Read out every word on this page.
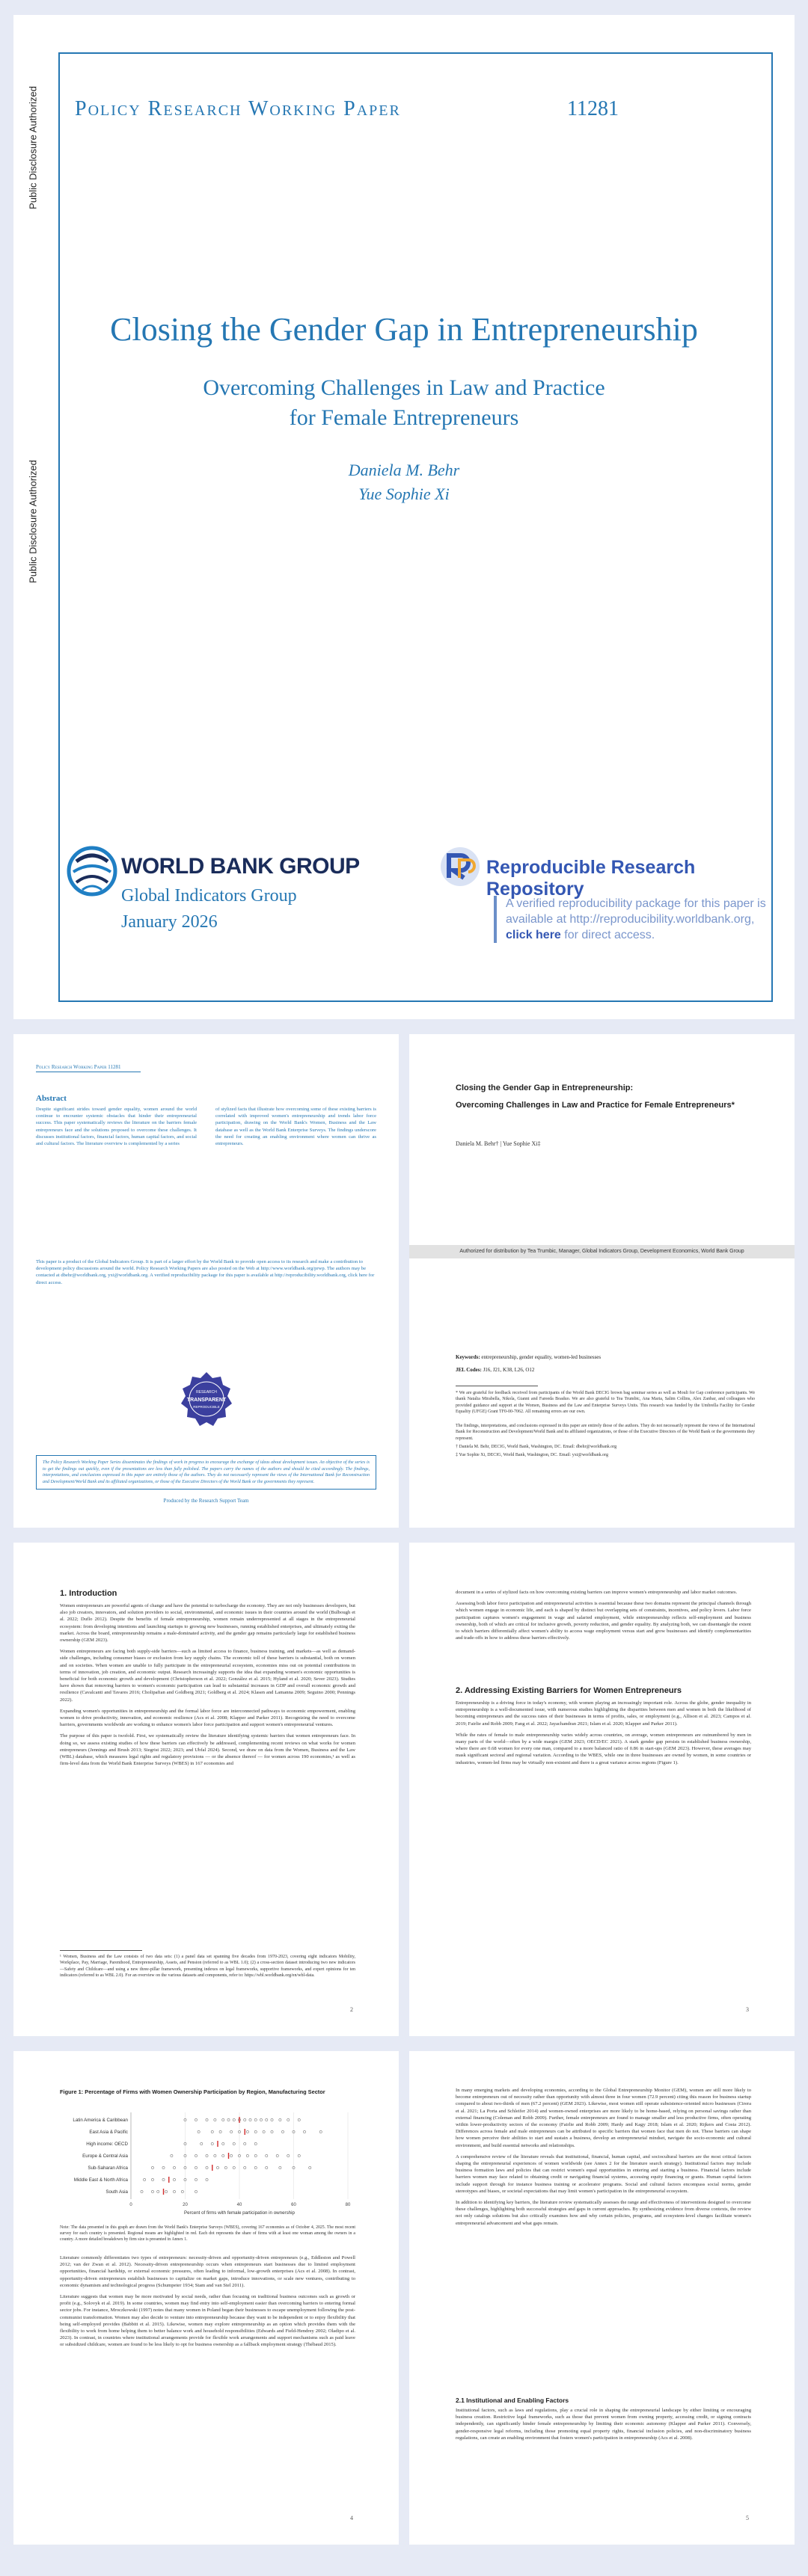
Public Disclosure Authorized
Public Disclosure Authorized
Policy Research Working Paper	11281
Closing the Gender Gap in Entrepreneurship
Overcoming Challenges in Law and Practice
for Female Entrepreneurs
Daniela M. Behr
Yue Sophie Xi
WORLD BANK GROUP
Global Indicators Group
January 2026
Reproducible Research Repository
A verified reproducibility package for this paper is available at http://reproducibility.worldbank.org, click here for direct access.
Policy Research Working Paper 11281
Abstract
Despite significant strides toward gender equality, women around the world continue to encounter systemic obstacles that hinder their entrepreneurial success. This paper systematically reviews the literature on the barriers female entrepreneurs face and the solutions proposed to overcome these challenges. It discusses institutional factors, financial factors, human capital factors, and social and cultural factors. The literature overview is complemented by a series
of stylized facts that illustrate how overcoming some of these existing barriers is correlated with improved women's entrepreneurship and trends labor force participation, drawing on the World Bank's Women, Business and the Law database as well as the World Bank Enterprise Surveys. The findings underscore the need for creating an enabling environment where women can thrive as entrepreneurs.
This paper is a product of the Global Indicators Group. It is part of a larger effort by the World Bank to provide open access to its research and make a contribution to development policy discussions around the world. Policy Research Working Papers are also posted on the Web at http://www.worldbank.org/prwp. The authors may be contacted at dbehr@worldbank.org, yxi@worldbank.org. A verified reproducibility package for this paper is available at http://reproducibility.worldbank.org, click here for direct access.
RESEARCH
TRANSPARENT
REPRODUCIBLE
The Policy Research Working Paper Series disseminates the findings of work in progress to encourage the exchange of ideas about development issues. An objective of the series is to get the findings out quickly, even if the presentations are less than fully polished. The papers carry the names of the authors and should be cited accordingly. The findings, interpretations, and conclusions expressed in this paper are entirely those of the authors. They do not necessarily represent the views of the International Bank for Reconstruction and Development/World Bank and its affiliated organizations, or those of the Executive Directors of the World Bank or the governments they represent.
Produced by the Research Support Team
Closing the Gender Gap in Entrepreneurship:
Overcoming Challenges in Law and Practice for Female Entrepreneurs*
Daniela M. Behr† | Yue Sophie Xi‡
Authorized for distribution by Tea Trumbic, Manager, Global Indicators Group, Development Economics, World Bank Group
Keywords: entrepreneurship, gender equality, women-led businesses
JEL Codes: J16, J21, K38, L26, O12
* We are grateful for feedback received from participants of the World Bank DECIG brown bag seminar series as well as Mouli for Gap conference participants. We thank Natalia Mirabella, Nikola, Gianni and Fareeda Boaduo. We are also grateful to Tea Trumbic, Ana Maria, Salim Collins, Alex Zanbar, and colleagues who provided guidance and support at the Women, Business and the Law and Enterprise Surveys Units. This research was funded by the Umbrella Facility for Gender Equality (UFGE) Grant TF0-00-7062. All remaining errors are our own.
The findings, interpretations, and conclusions expressed in this paper are entirely those of the authors. They do not necessarily represent the views of the International Bank for Reconstruction and Development/World Bank and its affiliated organizations, or those of the Executive Directors of the World Bank or the governments they represent.
† Daniela M. Behr, DECIG, World Bank, Washington, DC. Email: dbehr@worldbank.org
‡ Yue Sophie Xi, DECIG, World Bank, Washington, DC. Email: yxi@worldbank.org
1. Introduction

Women entrepreneurs are powerful agents of change and have the potential to turbocharge the economy. They are not only businesses developers, but also job creators, innovators, and solution providers to social, environmental, and economic issues in their countries around the world (Bulbough et al. 2022; Duflo 2012). Despite the benefits of female entrepreneurship, women remain underrepresented at all stages in the entrepreneurial ecosystem: from developing intentions and launching startups to growing new businesses, running established enterprises, and ultimately exiting the market. Across the board, entrepreneurship remains a male-dominated activity, and the gender gap remains particularly large for established business ownership (GEM 2023).

Women entrepreneurs are facing both supply-side barriers—such as limited access to finance, business training, and markets—as well as demand-side challenges, including consumer biases or exclusion from key supply chains. The economic toll of these barriers is substantial, both on women and on societies. When women are unable to fully participate in the entrepreneurial ecosystem, economies miss out on potential contributions in terms of innovation, job creation, and economic output. Research increasingly supports the idea that expanding women's economic opportunities is beneficial for both economic growth and development (Christopherson et al. 2022; González et al. 2015; Hyland et al. 2020; Sever 2023). Studies have shown that removing barriers to women's economic participation can lead to substantial increases in GDP and overall economic growth and resilience (Cavalcanti and Tavares 2016; Cholipafian and Goldberg 2021; Goldberg et al. 2024; Klasen and Lamanna 2009; Seguino 2000; Pennings 2022).

Expanding women's opportunities in entrepreneurship and the formal labor force are interconnected pathways to economic empowerment, enabling women to drive productivity, innovation, and economic resilience (Acs et al. 2008; Klapper and Parker 2011). Recognizing the need to overcome barriers, governments worldwide are working to enhance women's labor force participation and support women's entrepreneurial ventures.

The purpose of this paper is twofold. First, we systematically review the literature identifying systemic barriers that women entrepreneurs face. In doing so, we assess existing studies of how these barriers can effectively be addressed, complementing recent reviews on what works for women entrepreneurs (Jennings and Brush 2013; Siegrist 2022; 2023; and Ubfal 2024). Second, we draw on data from the Women, Business and the Law (WBL) database, which measures legal rights and regulatory provisions — or the absence thereof — for women across 190 economies,¹ as well as firm-level data from the World Bank Enterprise Surveys (WBES) in 167 economies and

¹ Women, Business and the Law consists of two data sets: (1) a panel data set spanning five decades from 1970-2023, covering eight indicators Mobility, Workplace, Pay, Marriage, Parenthood, Entrepreneurship, Assets, and Pension (referred to as WBL 1.0); (2) a cross-section dataset introducing two new indicators—Safety and Childcare—and using a new three-pillar framework, presenting indexes on legal frameworks, supportive frameworks, and expert opinions for ten indicators (referred to as WBL 2.0). For an overview on the various datasets and components, refer to: https://wbl.worldbank.org/en/wbl-data.
2

document in a series of stylized facts on how overcoming existing barriers can improve women's entrepreneurship and labor market outcomes.

Assessing both labor force participation and entrepreneurial activities is essential because these two domains represent the principal channels through which women engage in economic life, and each is shaped by distinct but overlapping sets of constraints, incentives, and policy levers. Labor force participation captures women's engagement in wage and salaried employment, while entrepreneurship reflects self-employment and business ownership, both of which are critical for inclusive growth, poverty reduction, and gender equality. By analyzing both, we can disentangle the extent to which barriers differentially affect women's ability to access wage employment versus start and grow businesses and identify complementarities and trade-offs in how to address these barriers effectively.

2. Addressing Existing Barriers for Women Entrepreneurs

Entrepreneurship is a driving force in today's economy, with women playing an increasingly important role. Across the globe, gender inequality in entrepreneurship is a well-documented issue, with numerous studies highlighting the disparities between men and women in both the likelihood of becoming entrepreneurs and the success rates of their businesses in terms of profits, sales, or employment (e.g., Allison et al. 2023; Campos et al. 2019; Fairlie and Robb 2009; Fang et al. 2022; Jayachandran 2021; Islam et al. 2020; Klapper and Parker 2011).

While the rates of female to male entrepreneurship varies widely across countries, on average, women entrepreneurs are outnumbered by men in many parts of the world—often by a wide margin (GEM 2023; OECD/EC 2021). A stark gender gap persists in established business ownership, where there are 0.68 women for every one man, compared to a more balanced ratio of 0.86 in start-ups (GEM 2023). However, these averages may mask significant sectoral and regional variation. According to the WBES, while one in three businesses are owned by women, in some countries or industries, women-led firms may be virtually non-existent and there is a great variance across regions (Figure 1).

3
Figure 1: Percentage of Firms with Women Ownership Participation by Region, Manufacturing Sector
0	20	40	60	80
Percent of firms with female participation in ownership
Latin America & Caribbean
East Asia & Pacific
High income: OECD
Europe & Central Asia
Sub-Saharan Africa
Middle East & North Africa
South Asia
Note: The data presented in this graph are drawn from the World Bank's Enterprise Surveys (WBES), covering 167 economies as of October 4, 2025. The most recent survey for each country is presented. Regional means are highlighted in red. Each dot represents the share of firms with at least one woman among the owners in a country. A more detailed breakdown by firm size is presented in Annex 1.

Literature commonly differentiates two types of entrepreneurs: necessity-driven and opportunity-driven entrepreneurs (e.g., Eddleston and Powell 2012; van der Zwan et al. 2012). Necessity-driven entrepreneurship occurs when entrepreneurs start businesses due to limited employment opportunities, financial hardship, or external economic pressures, often leading to informal, low-growth enterprises (Acs et al. 2008). In contrast, opportunity-driven entrepreneurs establish businesses to capitalize on market gaps, introduce innovations, or scale new ventures, contributing to economic dynamism and technological progress (Schumpeter 1934; Stam and van Stel 2011).

Literature suggests that women may be more motivated by social needs, rather than focusing on traditional business outcomes such as growth or profit (e.g., Solovyk et al. 2019). In some countries, women may find entry into self-employment easier than overcoming barriers to entering formal sector jobs. For instance, Mroczkowski (1997) notes that many women in Poland began their businesses to escape unemployment following the post-communist transformation. Women may also decide to venture into entrepreneurship because they want to be independent or to enjoy flexibility that being self-employed provides (Babbitt et al. 2015). Likewise, women may explore entrepreneurship as an option which provides them with the flexibility to work from home helping them to better balance work and household responsibilities (Edwards and Field-Hendrey 2002; Oladipo et al. 2023). In contrast, in countries where institutional arrangements provide for flexible work arrangements and support mechanisms such as paid leave or subsidized childcare, women are found to be less likely to opt for business ownership as a fallback employment strategy (Thébaud 2015).

4

In many emerging markets and developing economies, according to the Global Entrepreneurship Monitor (GEM), women are still more likely to become entrepreneurs out of necessity rather than opportunity with almost three in four women (72.9 percent) citing this reason for business startup compared to about two-thirds of men (67.2 percent) (GEM 2023). Likewise, most women still operate subsistence-oriented micro businesses (Cirera et al. 2021; La Porta and Schleifer 2014) and women-owned enterprises are more likely to be home-based, relying on personal savings rather than external financing (Coleman and Robb 2009). Further, female entrepreneurs are found to manage smaller and less productive firms, often operating within lower-productivity sectors of the economy (Fairlie and Robb 2009; Hardy and Kagy 2018; Islam et al. 2020; Rijkers and Costa 2012). Differences across female and male entrepreneurs can be attributed to specific barriers that women face that men do not. These barriers can shape how women perceive their abilities to start and sustain a business, develop an entrepreneurial mindset, navigate the socio-economic and cultural environment, and build essential networks and relationships.

A comprehensive review of the literature reveals that institutional, financial, human capital, and sociocultural barriers are the most critical factors shaping the entrepreneurial experiences of women worldwide (see Annex 2 for the literature search strategy). Institutional factors may include business formation laws and policies that can restrict women's equal opportunities in entering and starting a business. Financial factors include barriers women may face related to obtaining credit or navigating financial systems, accessing equity financing or grants. Human capital factors include support through for instance business training or accelerator programs. Social and cultural factors encompass social norms, gender stereotypes and biases, or societal expectations that may limit women's participation in the entrepreneurial ecosystem.

In addition to identifying key barriers, the literature review systematically assesses the range and effectiveness of interventions designed to overcome these challenges, highlighting both successful strategies and gaps in current approaches. By synthesizing evidence from diverse contexts, the review not only catalogs solutions but also critically examines how and why certain policies, programs, and ecosystem-level changes facilitate women's entrepreneurial advancement and what gaps remain.

2.1 Institutional and Enabling Factors

Institutional factors, such as laws and regulations, play a crucial role in shaping the entrepreneurial landscape by either limiting or encouraging business creation. Restrictive legal frameworks, such as those that prevent women from owning property, accessing credit, or signing contracts independently, can significantly hinder female entrepreneurship by limiting their economic autonomy (Klapper and Parker 2011). Conversely, gender-responsive legal reforms, including those promoting equal property rights, financial inclusion policies, and non-discriminatory business regulations, can create an enabling environment that fosters women's participation in entrepreneurship (Acs et al. 2008).

5
